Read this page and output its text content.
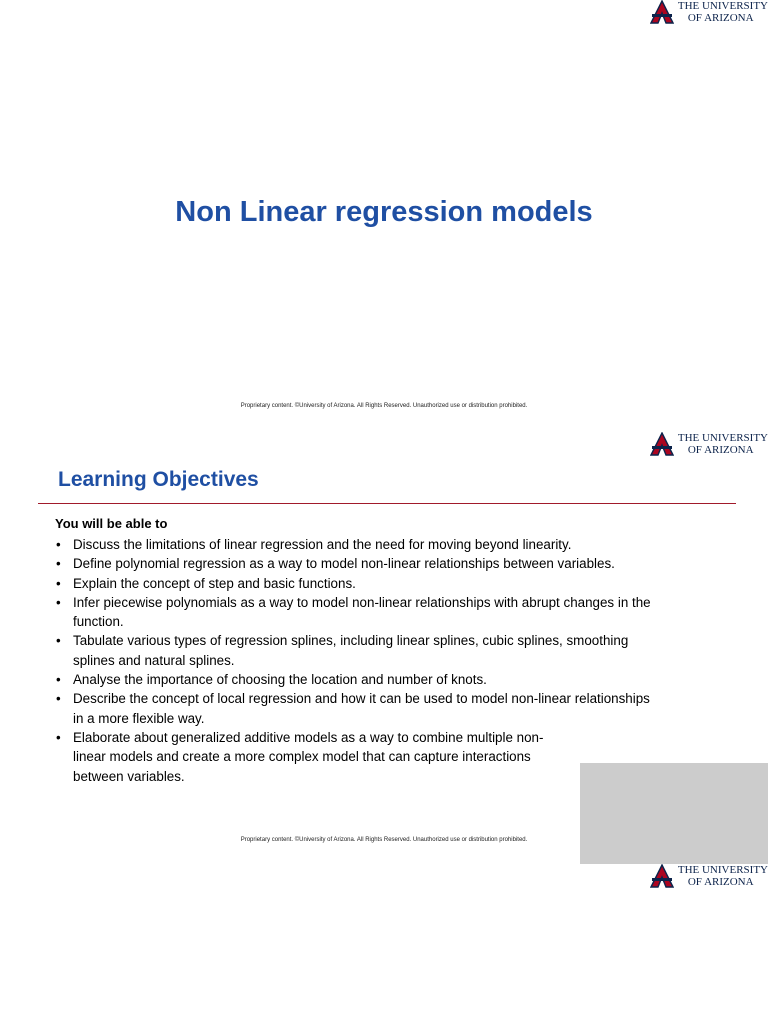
THE UNIVERSITY
OF ARIZONA
Non Linear regression models
Proprietary content. ©University of Arizona. All Rights Reserved. Unauthorized use or distribution prohibited.
THE UNIVERSITY
OF ARIZONA
Learning Objectives

You will be able to

• Discuss the limitations of linear regression and the need for moving beyond linearity.
• Define polynomial regression as a way to model non-linear relationships between variables.
• Explain the concept of step and basic functions.
• Infer piecewise polynomials as a way to model non-linear relationships with abrupt changes in the function.
• Tabulate various types of regression splines, including linear splines, cubic splines, smoothing splines and natural splines.
• Analyse the importance of choosing the location and number of knots.
• Describe the concept of local regression and how it can be used to model non-linear relationships in a more flexible way.
• Elaborate about generalized additive models as a way to combine multiple non-linear models and create a more complex model that can capture interactions between variables.
Proprietary content. ©University of Arizona. All Rights Reserved. Unauthorized use or distribution prohibited.
THE UNIVERSITY
OF ARIZONA
